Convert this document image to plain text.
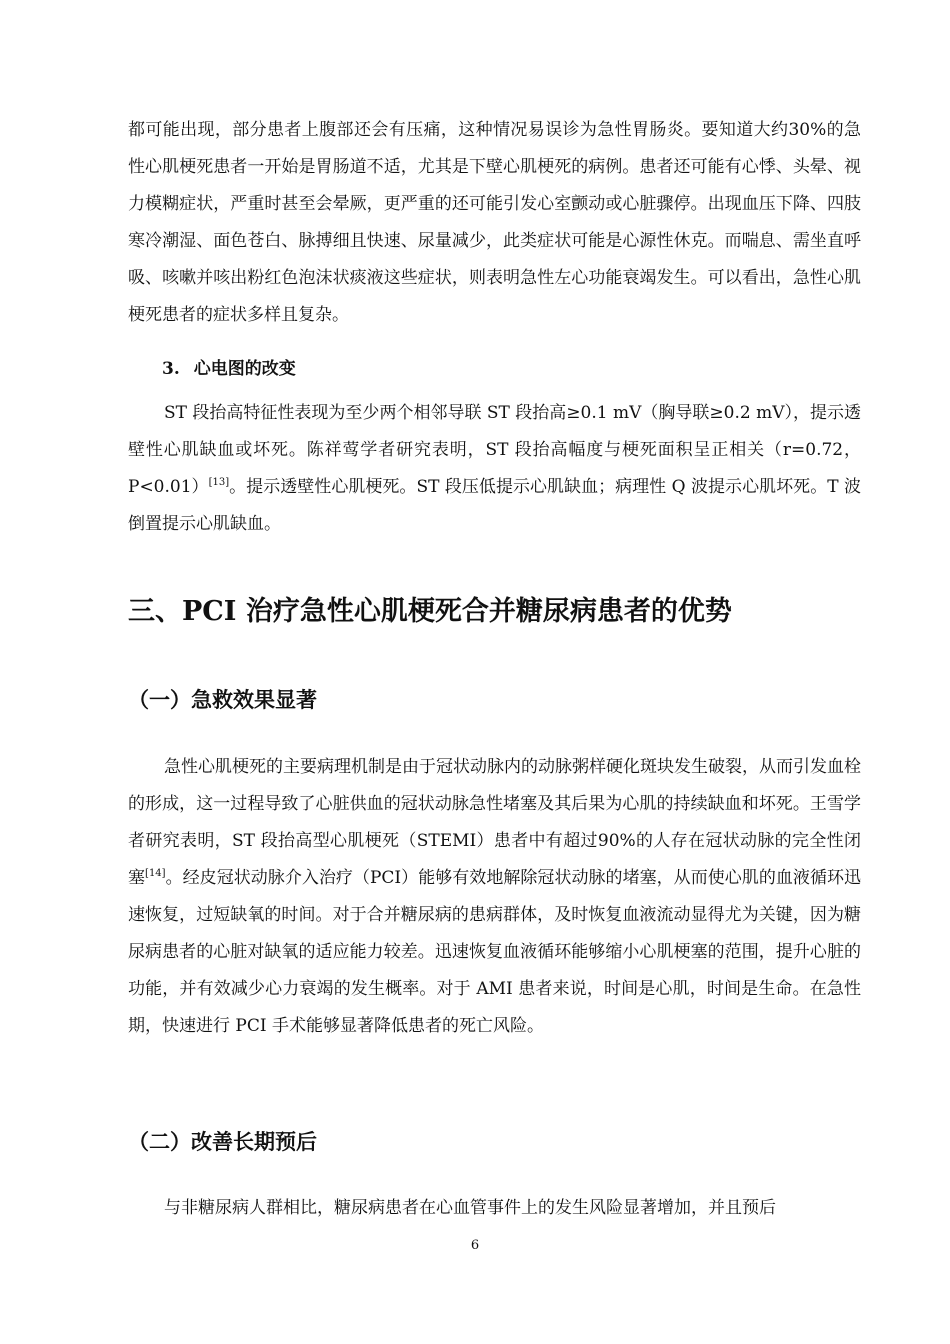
都可能出现，部分患者上腹部还会有压痛，这种情况易误诊为急性胃肠炎。要知道大约30%的急性心肌梗死患者一开始是胃肠道不适，尤其是下壁心肌梗死的病例。患者还可能有心悸、头晕、视力模糊症状，严重时甚至会晕厥，更严重的还可能引发心室颤动或心脏骤停。出现血压下降、四肢寒冷潮湿、面色苍白、脉搏细且快速、尿量减少，此类症状可能是心源性休克。而喘息、需坐直呼吸、咳嗽并咳出粉红色泡沫状痰液这些症状，则表明急性左心功能衰竭发生。可以看出，急性心肌梗死患者的症状多样且复杂。

3. 心电图的改变

ST 段抬高特征性表现为至少两个相邻导联 ST 段抬高≥0.1 mV（胸导联≥0.2 mV），提示透壁性心肌缺血或坏死。陈祥莺学者研究表明，ST 段抬高幅度与梗死面积呈正相关（r=0.72，P<0.01）[13]。提示透壁性心肌梗死。ST 段压低提示心肌缺血；病理性 Q 波提示心肌坏死。T 波倒置提示心肌缺血。

三、PCI 治疗急性心肌梗死合并糖尿病患者的优势
（一）急救效果显著

急性心肌梗死的主要病理机制是由于冠状动脉内的动脉粥样硬化斑块发生破裂，从而引发血栓的形成，这一过程导致了心脏供血的冠状动脉急性堵塞及其后果为心肌的持续缺血和坏死。王雪学者研究表明，ST 段抬高型心肌梗死（STEMI）患者中有超过90%的人存在冠状动脉的完全性闭塞[14]。经皮冠状动脉介入治疗（PCI）能够有效地解除冠状动脉的堵塞，从而使心肌的血液循环迅速恢复，过短缺氧的时间。对于合并糖尿病的患病群体，及时恢复血液流动显得尤为关键，因为糖尿病患者的心脏对缺氧的适应能力较差。迅速恢复血液循环能够缩小心肌梗塞的范围，提升心脏的功能，并有效减少心力衰竭的发生概率。对于 AMI 患者来说，时间是心肌，时间是生命。在急性期，快速进行 PCI 手术能够显著降低患者的死亡风险。

（二）改善长期预后

与非糖尿病人群相比，糖尿病患者在心血管事件上的发生风险显著增加，并且预后

6
